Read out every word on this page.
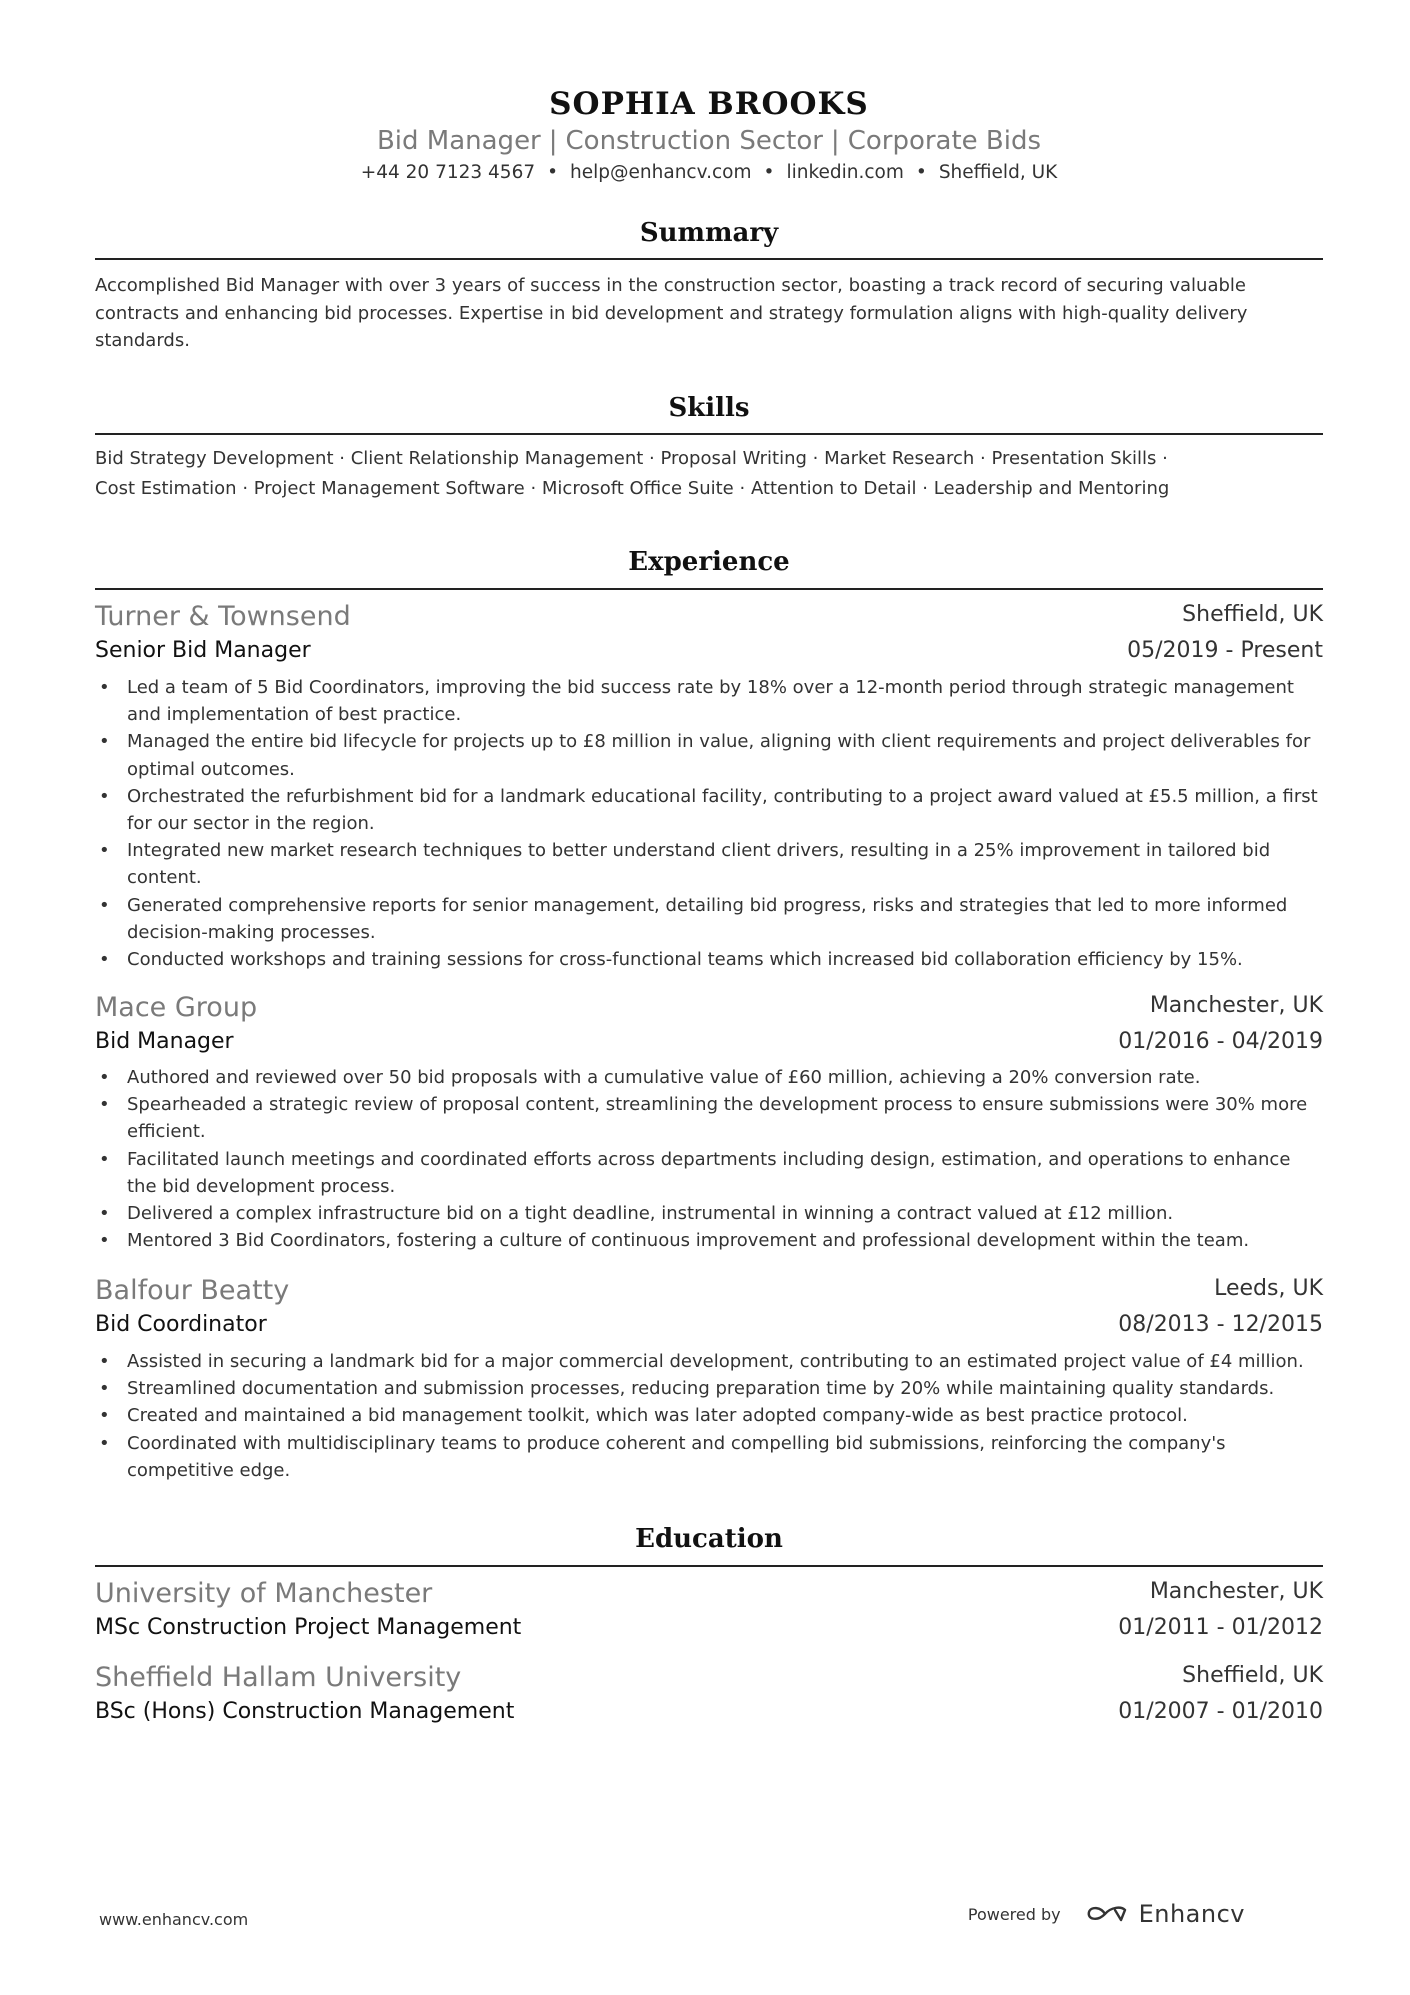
SOPHIA BROOKS
Bid Manager | Construction Sector | Corporate Bids
+44 20 7123 4567 • help@enhancv.com • linkedin.com • Sheffield, UK
Summary
Accomplished Bid Manager with over 3 years of success in the construction sector, boasting a track record of securing valuable contracts and enhancing bid processes. Expertise in bid development and strategy formulation aligns with high-quality delivery standards.
Skills
Bid Strategy Development · Client Relationship Management · Proposal Writing · Market Research · Presentation Skills ·
Cost Estimation · Project Management Software · Microsoft Office Suite · Attention to Detail · Leadership and Mentoring
Experience
Turner & Townsend	Sheffield, UK
Senior Bid Manager	05/2019 - Present
• Led a team of 5 Bid Coordinators, improving the bid success rate by 18% over a 12-month period through strategic management and implementation of best practice.
• Managed the entire bid lifecycle for projects up to £8 million in value, aligning with client requirements and project deliverables for optimal outcomes.
• Orchestrated the refurbishment bid for a landmark educational facility, contributing to a project award valued at £5.5 million, a first for our sector in the region.
• Integrated new market research techniques to better understand client drivers, resulting in a 25% improvement in tailored bid content.
• Generated comprehensive reports for senior management, detailing bid progress, risks and strategies that led to more informed decision-making processes.
• Conducted workshops and training sessions for cross-functional teams which increased bid collaboration efficiency by 15%.
Mace Group	Manchester, UK
Bid Manager	01/2016 - 04/2019
• Authored and reviewed over 50 bid proposals with a cumulative value of £60 million, achieving a 20% conversion rate.
• Spearheaded a strategic review of proposal content, streamlining the development process to ensure submissions were 30% more efficient.
• Facilitated launch meetings and coordinated efforts across departments including design, estimation, and operations to enhance the bid development process.
• Delivered a complex infrastructure bid on a tight deadline, instrumental in winning a contract valued at £12 million.
• Mentored 3 Bid Coordinators, fostering a culture of continuous improvement and professional development within the team.
Balfour Beatty	Leeds, UK
Bid Coordinator	08/2013 - 12/2015
• Assisted in securing a landmark bid for a major commercial development, contributing to an estimated project value of £4 million.
• Streamlined documentation and submission processes, reducing preparation time by 20% while maintaining quality standards.
• Created and maintained a bid management toolkit, which was later adopted company-wide as best practice protocol.
• Coordinated with multidisciplinary teams to produce coherent and compelling bid submissions, reinforcing the company's competitive edge.
Education
University of Manchester	Manchester, UK
MSc Construction Project Management	01/2011 - 01/2012
Sheffield Hallam University	Sheffield, UK
BSc (Hons) Construction Management	01/2007 - 01/2010
www.enhancv.com	Powered by	Enhancv
